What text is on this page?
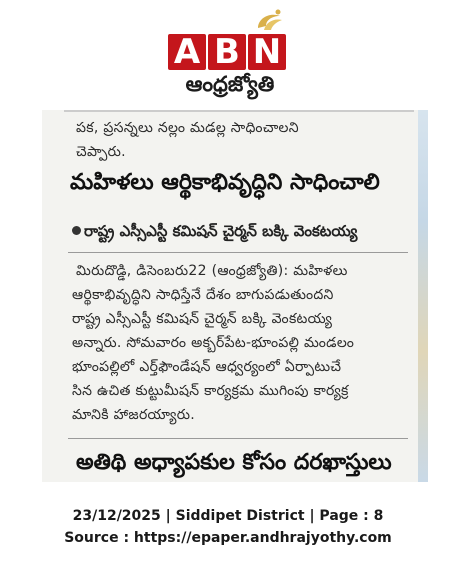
A B N
ఆంధ్రజ్యోతి
పక, ప్రసన్నలు నల్లం మడల్ల సాధించాలని
చెప్పారు.
మహిళలు ఆర్థికాభివృద్ధిని సాధించాలి
రాష్ట్ర ఎస్సీఎస్టీ కమిషన్ చైర్మన్ బక్కి వెంకటయ్య
మిరుదొడ్డి, డిసెంబరు22 (ఆంధ్రజ్యోతి): మహిళలు
ఆర్థికాభివృద్ధిని సాధిస్తేనే దేశం బాగుపడుతుందని
రాష్ట్ర ఎస్సీఎస్టీ కమిషన్ చైర్మన్ బక్కి వెంకటయ్య
అన్నారు. సోమవారం అక్బర్‌పేట-భూంపల్లి మండలం
భూంపల్లిలో ఎర్త్‌ఫౌండేషన్ ఆధ్వర్యంలో ఏర్పాటుచే
సిన ఉచిత కుట్టుమీషన్ కార్యక్రమ ముగింపు కార్యక్ర
మానికి హాజరయ్యారు.
అతిథి అధ్యాపకుల కోసం దరఖాస్తులు
23/12/2025 | Siddipet District | Page : 8
Source : https://epaper.andhrajyothy.com
